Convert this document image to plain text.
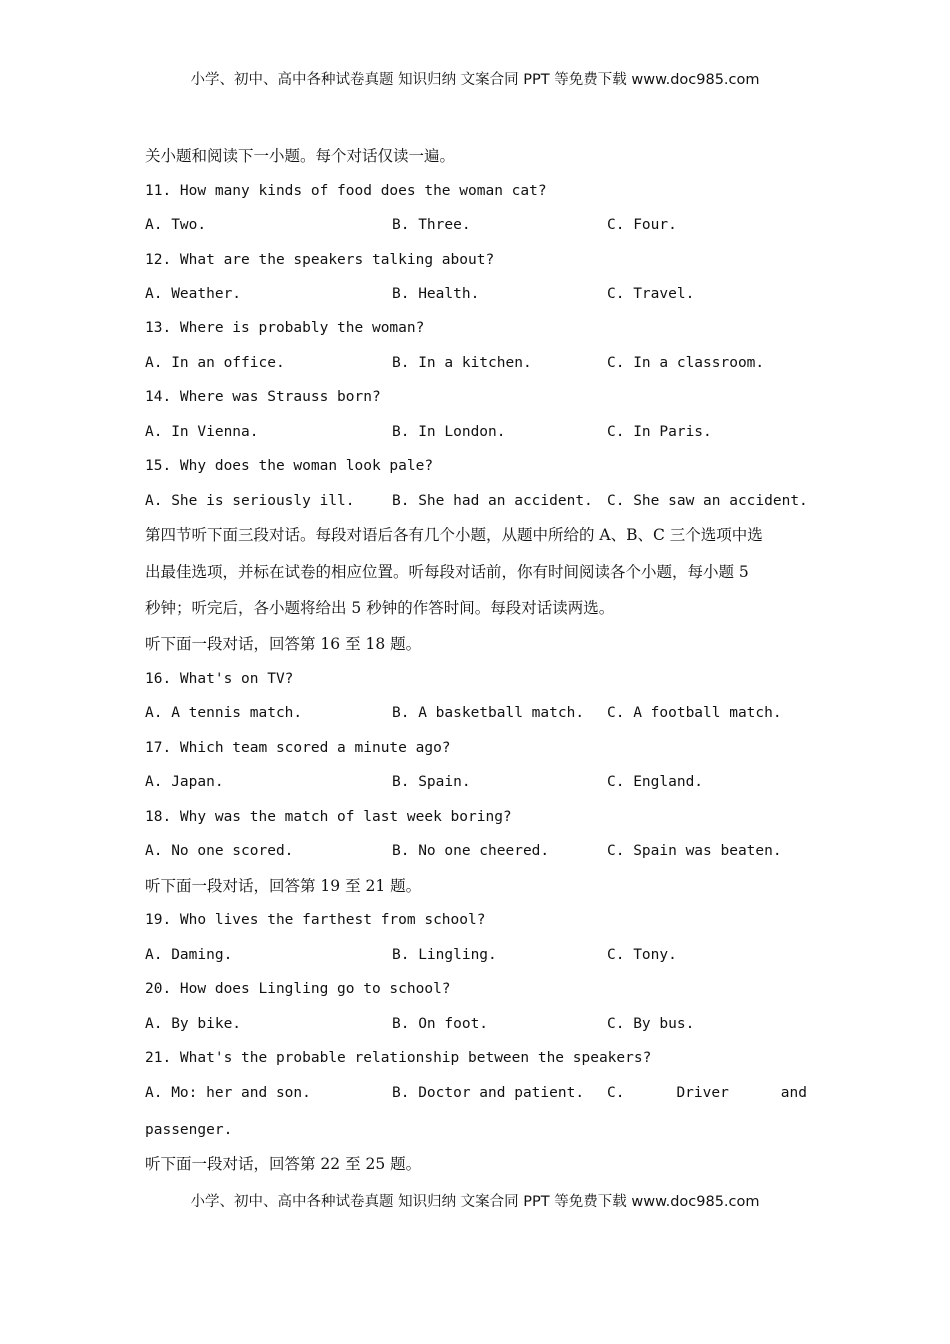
小学、初中、高中各种试卷真题 知识归纳 文案合同 PPT 等免费下载 www.doc985.com
关小题和阅读下一小题。每个对话仅读一遍。
11. How many kinds of food does the woman cat?
A. Two.	B. Three.	C. Four.
12. What are the speakers talking about?
A. Weather.	B. Health.	C. Travel.
13. Where is probably the woman?
A. In an office.	B. In a kitchen.	C. In a classroom.
14. Where was Strauss born?
A. In Vienna.	B. In London.	C. In Paris.
15. Why does the woman look pale?
A. She is seriously ill.	B. She had an accident. C. She saw an accident.
第四节听下面三段对话。每段对语后各有几个小题，从题中所给的 A、B、C 三个选项中选
出最佳选项，并标在试卷的相应位置。听每段对话前，你有时间阅读各个小题，每小题 5
秒钟；听完后，各小题将给出 5 秒钟的作答时间。每段对话读两选。
听下面一段对话，回答第 16 至 18 题。
16. What's on TV?
A. A tennis match.	B. A basketball match. C. A football match.
17. Which team scored a minute ago?
A. Japan.	B. Spain.	C. England.
18. Why was the match of last week boring?
A. No one scored.	B. No one cheered.	C. Spain was beaten.
听下面一段对话，回答第 19 至 21 题。
19. Who lives the farthest from school?
A. Daming.	B. Lingling.	C. Tony.
20. How does Lingling go to school?
A. By bike.	B. On foot.	C. By bus.
21. What's the probable relationship between the speakers?
A. Mo: her and son.	B. Doctor and patient. C.	Driver	and
passenger.
听下面一段对话，回答第 22 至 25 题。
小学、初中、高中各种试卷真题 知识归纳 文案合同 PPT 等免费下载 www.doc985.com
